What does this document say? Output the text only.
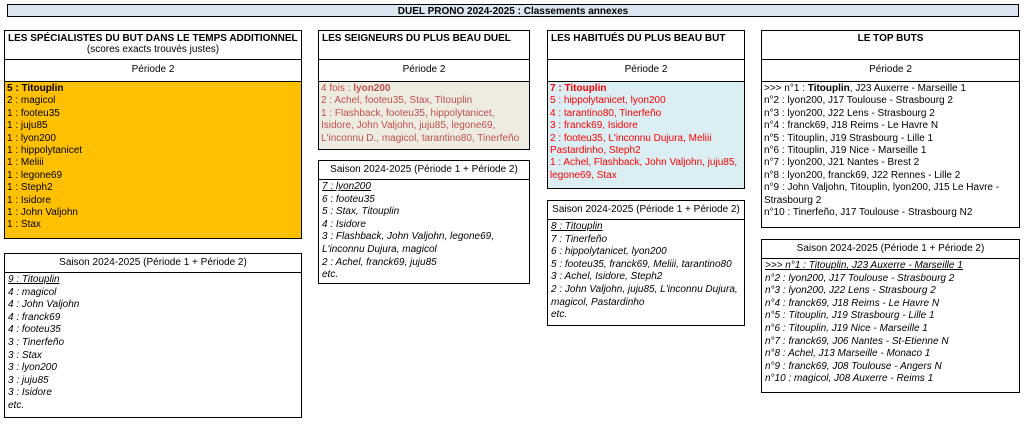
DUEL PRONO 2024-2025 : Classements annexes
LES SPÉCIALISTES DU BUT DANS LE TEMPS ADDITIONNEL
(scores exacts trouvés justes)
Période 2
5 : Titouplin
2 : magicol
1 : footeu35
1 : juju85
1 : lyon200
1 : hippolytanicet
1 : Meliii
1 : legone69
1 : Steph2
1 : Isidore
1 : John Valjohn
1 : Stax
Saison 2024-2025 (Période 1 + Période 2)
9 : Titouplin
4 : magicol
4 : John Valjohn
4 : franck69
4 : footeu35
3 : Tinerfeño
3 : Stax
3 : lyon200
3 : juju85
3 : Isidore
etc.
LES SEIGNEURS DU PLUS BEAU DUEL
Période 2
4 fois : lyon200
2 : Achel, footeu35, Stax, Titouplin
1 : Flashback, footeu35, hippolytanicet, Isidore, John Valjohn, juju85, legone69, L'inconnu D., magicol, tarantino80, Tinerfeño
Saison 2024-2025 (Période 1 + Période 2)
7 : lyon200
6 : footeu35
5 : Stax, Titouplin
4 : Isidore
3 : Flashback, John Valjohn, legone69, L'inconnu Dujura, magicol
2 : Achel, franck69, juju85
etc.
LES HABITUÉS DU PLUS BEAU BUT
Période 2
7 : Titouplin
5 : hippolytanicet, lyon200
4 : tarantino80, Tinerfeño
3 : franck69, Isidore
2 : footeu35, L'inconnu Dujura, Meliii Pastardinho, Steph2
1 : Achel, Flashback, John Valjohn, juju85, legone69, Stax
Saison 2024-2025 (Période 1 + Période 2)
8 : Titouplin
7 : Tinerfeño
6 : hippolytanicet, lyon200
5 : footeu35, franck69, Meliii, tarantino80
3 : Achel, Isidore, Steph2
2 : John Valjohn, juju85, L'inconnu Dujura, magicol, Pastardinho
etc.
LE TOP BUTS
Période 2
>>> n°1 : Titouplin, J23 Auxerre - Marseille 1
n°2 : lyon200, J17 Toulouse - Strasbourg 2
n°3 : lyon200, J22 Lens - Strasbourg 2
n°4 : franck69, J18 Reims - Le Havre N
n°5 : Titouplin, J19 Strasbourg - Lille 1
n°6 : Titouplin, J19 Nice - Marseille 1
n°7 : lyon200, J21 Nantes - Brest 2
n°8 : lyon200, franck69, J22 Rennes - Lille 2
n°9 : John Valjohn, Titouplin, lyon200, J15 Le Havre - Strasbourg 2
n°10 : Tinerfeño, J17 Toulouse - Strasbourg N2
Saison 2024-2025 (Période 1 + Période 2)
>>> n°1 : Titouplin, J23 Auxerre - Marseille 1
n°2 : lyon200, J17 Toulouse - Strasbourg 2
n°3 : lyon200, J22 Lens - Strasbourg 2
n°4 : franck69, J18 Reims - Le Havre N
n°5 : Titouplin, J19 Strasbourg - Lille 1
n°6 : Titouplin, J19 Nice - Marseille 1
n°7 : franck69, J06 Nantes - St-Etienne N
n°8 : Achel, J13 Marseille - Monaco 1
n°9 : franck69, J08 Toulouse - Angers N
n°10 : magicol, J08 Auxerre - Reims 1
